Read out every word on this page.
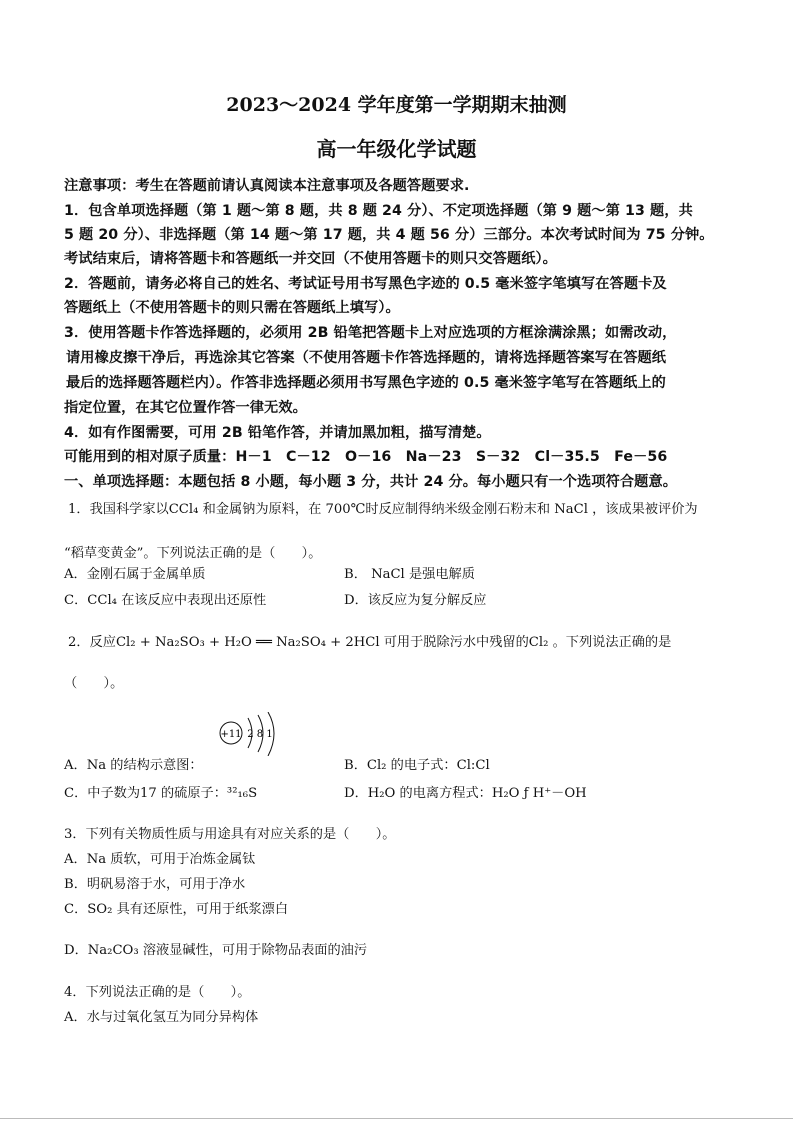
2023～2024 学年度第一学期期末抽测
高一年级化学试题
注意事项：考生在答题前请认真阅读本注意事项及各题答题要求.
1．包含单项选择题（第 1 题～第 8 题，共 8 题 24 分）、不定项选择题（第 9 题～第 13 题，共
5 题 20 分）、非选择题（第 14 题～第 17 题，共 4 题 56 分）三部分。本次考试时间为 75 分钟。
考试结束后，请将答题卡和答题纸一并交回（不使用答题卡的则只交答题纸）。
2．答题前，请务必将自己的姓名、考试证号用书写黑色字迹的 0.5 毫米签字笔填写在答题卡及
答题纸上（不使用答题卡的则只需在答题纸上填写）。
3．使用答题卡作答选择题的，必须用 2B 铅笔把答题卡上对应选项的方框涂满涂黑；如需改动，
请用橡皮擦干净后，再选涂其它答案（不使用答题卡作答选择题的，请将选择题答案写在答题纸
最后的选择题答题栏内）。作答非选择题必须用书写黑色字迹的 0.5 毫米签字笔写在答题纸上的
指定位置，在其它位置作答一律无效。
4．如有作图需要，可用 2B 铅笔作答，并请加黑加粗，描写清楚。
可能用到的相对原子质量：H－1　C－12　O－16　Na－23　S－32　Cl－35.5　Fe－56
一、单项选择题：本题包括 8 小题，每小题 3 分，共计 24 分。每小题只有一个选项符合题意。
1．我国科学家以CCl₄ 和金属钠为原料，在 700℃时反应制得纳米级金刚石粉末和 NaCl ，该成果被评价为
“稻草变黄金”。下列说法正确的是（　　）。
A．金刚石属于金属单质	B． NaCl 是强电解质
C．CCl₄ 在该反应中表现出还原性	D．该反应为复分解反应
2．反应Cl₂ + Na₂SO₃ + H₂O ══ Na₂SO₄ + 2HCl 可用于脱除污水中残留的Cl₂ 。下列说法正确的是
（　　）。
+11 2 8 1
A．Na 的结构示意图：	B．Cl₂ 的电子式：Cl:Cl
C．中子数为17 的硫原子：³²₁₆S	D．H₂O 的电离方程式：H₂O ƒ H⁺－OH
3．下列有关物质性质与用途具有对应关系的是（　　）。
A．Na 质软，可用于冶炼金属钛
B．明矾易溶于水，可用于净水
C．SO₂ 具有还原性，可用于纸浆漂白
D．Na₂CO₃ 溶液显碱性，可用于除物品表面的油污
4．下列说法正确的是（　　）。
A．水与过氧化氢互为同分异构体
